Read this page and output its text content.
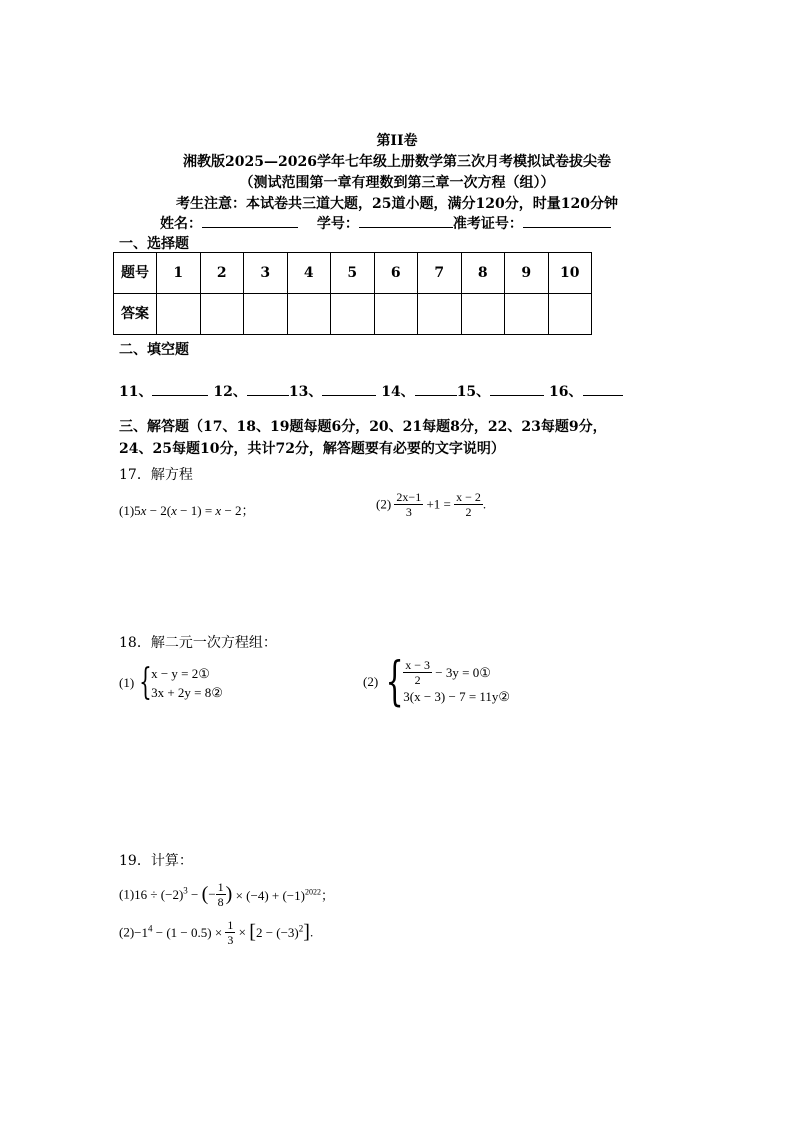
第II卷
湘教版2025—2026学年七年级上册数学第三次月考模拟试卷拔尖卷
（测试范围第一章有理数到第三章一次方程（组））
考生注意：本试卷共三道大题，25道小题，满分120分，时量120分钟
姓名：	学号：	准考证号：
一、选择题
题号	1	2	3	4	5	6	7	8	9	10
答案										
二、填空题
11、	12、	13、	14、	15、	16、
三、解答题（17、18、19题每题6分，20、21每题8分，22、23每题9分，
24、25每题10分，共计72分，解答题要有必要的文字说明）
17．解方程
(1)5x − 2(x − 1) = x − 2；	$(2) \frac{2x-1}{3} +1 = \frac{x - 2}{2}$ .
18．解二元一次方程组：
(1) { x − y = 2①
3x + 2y = 8②
(2) { $\frac{x - 3}{2} - 3y$ = 0①
3(x − 3) − 7 = 11y②
19．计算：
$(1)16 \div (-2)^3$ − (− $\frac{1}{8}$ ) × $(-4) + (-1)^{2022}$；
$(2)-1^4 - (1 - 0.5) \times \frac{1}{3} \times [2 - (-3)^2]$.
